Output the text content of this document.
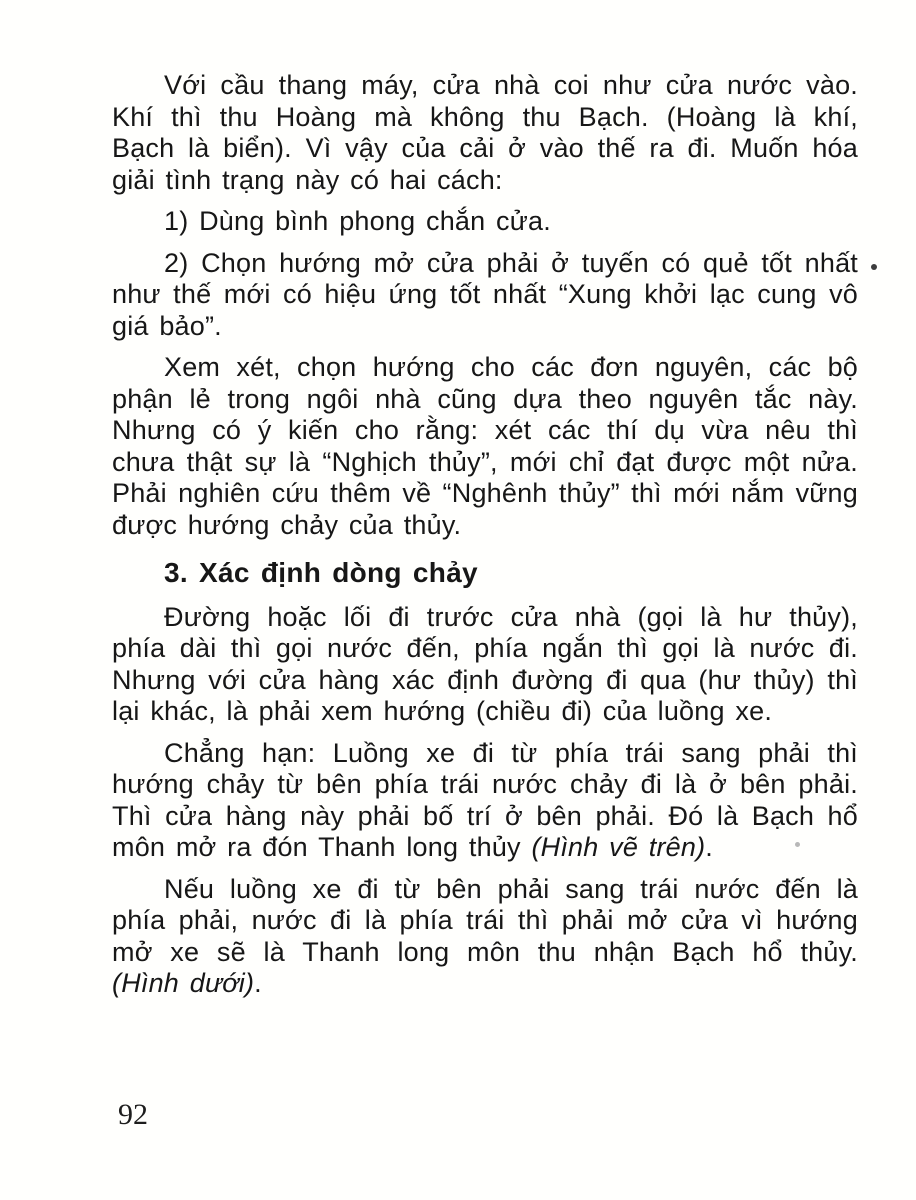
Với cầu thang máy, cửa nhà coi như cửa nước vào. Khí thì thu Hoàng mà không thu Bạch. (Hoàng là khí, Bạch là biển). Vì vậy của cải ở vào thế ra đi. Muốn hóa giải tình trạng này có hai cách:

1) Dùng bình phong chắn cửa.

2) Chọn hướng mở cửa phải ở tuyến có quẻ tốt nhất như thế mới có hiệu ứng tốt nhất “Xung khởi lạc cung vô giá bảo”.

Xem xét, chọn hướng cho các đơn nguyên, các bộ phận lẻ trong ngôi nhà cũng dựa theo nguyên tắc này. Nhưng có ý kiến cho rằng: xét các thí dụ vừa nêu thì chưa thật sự là “Nghịch thủy”, mới chỉ đạt được một nửa. Phải nghiên cứu thêm về “Nghênh thủy” thì mới nắm vững được hướng chảy của thủy.

3. Xác định dòng chảy

Đường hoặc lối đi trước cửa nhà (gọi là hư thủy), phía dài thì gọi nước đến, phía ngắn thì gọi là nước đi. Nhưng với cửa hàng xác định đường đi qua (hư thủy) thì lại khác, là phải xem hướng (chiều đi) của luồng xe.

Chẳng hạn: Luồng xe đi từ phía trái sang phải thì hướng chảy từ bên phía trái nước chảy đi là ở bên phải. Thì cửa hàng này phải bố trí ở bên phải. Đó là Bạch hổ môn mở ra đón Thanh long thủy (Hình vẽ trên).

Nếu luồng xe đi từ bên phải sang trái nước đến là phía phải, nước đi là phía trái thì phải mở cửa vì hướng mở xe sẽ là Thanh long môn thu nhận Bạch hổ thủy. (Hình dưới).

92
